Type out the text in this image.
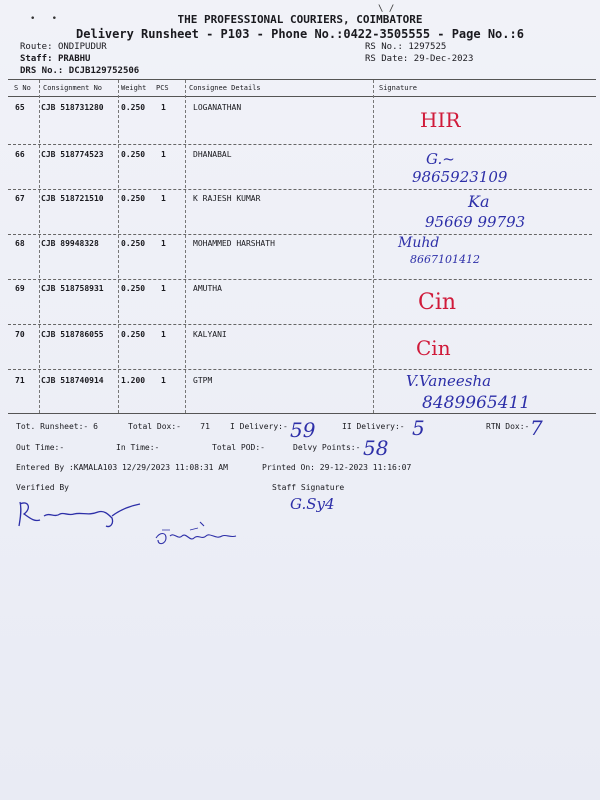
•   •
\ /
THE PROFESSIONAL COURIERS, COIMBATORE
Delivery Runsheet - P103 - Phone No.:0422-3505555 - Page No.:6
Route: ONDIPUDUR
Staff: PRABHU
DRS No.: DCJB129752506
RS No.: 1297525
RS Date: 29-Dec-2023
S No Consignment No	Weight PCS	Consignee Details	Signature
65 CJB 518731280 0.250 1	LOGANATHAN
HIR
66 CJB 518774523 0.250 1	DHANABAL	G.~
9865923109
67 CJB 518721510 0.250 1	K RAJESH KUMAR	Ka
95669 99793
68 CJB 89948328	0.250 1	MOHAMMED HARSHATH	Muhd
8667101412
69 CJB 518758931 0.250 1	AMUTHA
Cin
70 CJB 518786055 0.250 1	KALYANI
Cin
71 CJB 518740914 1.200 1	GTPM	V.Vaneesha
8489965411
Tot. Runsheet:- 6	Total Dox:- 71	I Delivery:- 59	II Delivery:- 5	RTN Dox:- 7
Out Time:-	In Time:-	Total POD:-	Delvy Points:- 58
Entered By :KAMALA103 12/29/2023 11:08:31 AM	Printed On: 29-12-2023 11:16:07
Verified By	Staff Signature
G.Sy4
